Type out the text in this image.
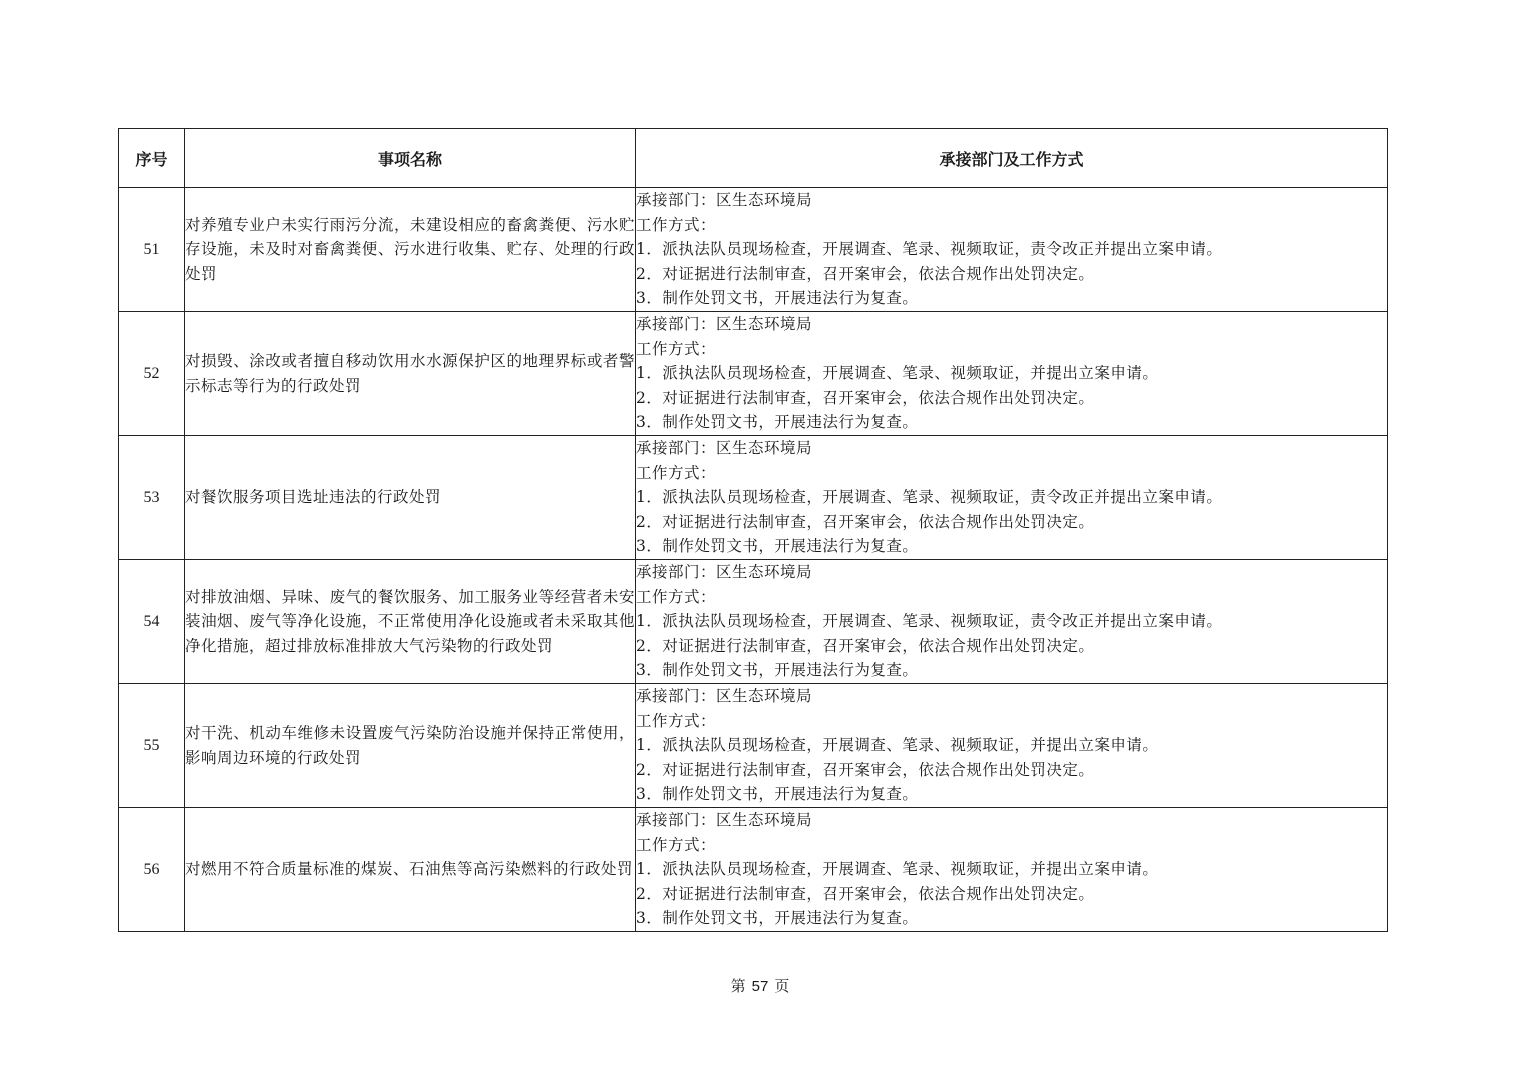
序号	事项名称	承接部门及工作方式
51	对养殖专业户未实行雨污分流，未建设相应的畜禽粪便、污水贮存设施，未及时对畜禽粪便、污水进行收集、贮存、处理的行政处罚	承接部门：区生态环境局
工作方式：
1．派执法队员现场检查，开展调查、笔录、视频取证，责令改正并提出立案申请。
2．对证据进行法制审查，召开案审会，依法合规作出处罚决定。
3．制作处罚文书，开展违法行为复查。

52	对损毁、涂改或者擅自移动饮用水水源保护区的地理界标或者警示标志等行为的行政处罚	承接部门：区生态环境局
工作方式：
1．派执法队员现场检查，开展调查、笔录、视频取证，并提出立案申请。
2．对证据进行法制审查，召开案审会，依法合规作出处罚决定。
3．制作处罚文书，开展违法行为复查。

53	对餐饮服务项目选址违法的行政处罚	承接部门：区生态环境局
工作方式：
1．派执法队员现场检查，开展调查、笔录、视频取证，责令改正并提出立案申请。
2．对证据进行法制审查，召开案审会，依法合规作出处罚决定。
3．制作处罚文书，开展违法行为复查。

54	对排放油烟、异味、废气的餐饮服务、加工服务业等经营者未安装油烟、废气等净化设施，不正常使用净化设施或者未采取其他净化措施，超过排放标准排放大气污染物的行政处罚	承接部门：区生态环境局
工作方式：
1．派执法队员现场检查，开展调查、笔录、视频取证，责令改正并提出立案申请。
2．对证据进行法制审查，召开案审会，依法合规作出处罚决定。
3．制作处罚文书，开展违法行为复查。

55	对干洗、机动车维修未设置废气污染防治设施并保持正常使用，影响周边环境的行政处罚	承接部门：区生态环境局
工作方式：
1．派执法队员现场检查，开展调查、笔录、视频取证，并提出立案申请。
2．对证据进行法制审查，召开案审会，依法合规作出处罚决定。
3．制作处罚文书，开展违法行为复查。

56	对燃用不符合质量标准的煤炭、石油焦等高污染燃料的行政处罚	承接部门：区生态环境局
工作方式：
1．派执法队员现场检查，开展调查、笔录、视频取证，并提出立案申请。
2．对证据进行法制审查，召开案审会，依法合规作出处罚决定。
3．制作处罚文书，开展违法行为复查。
第 57 页
